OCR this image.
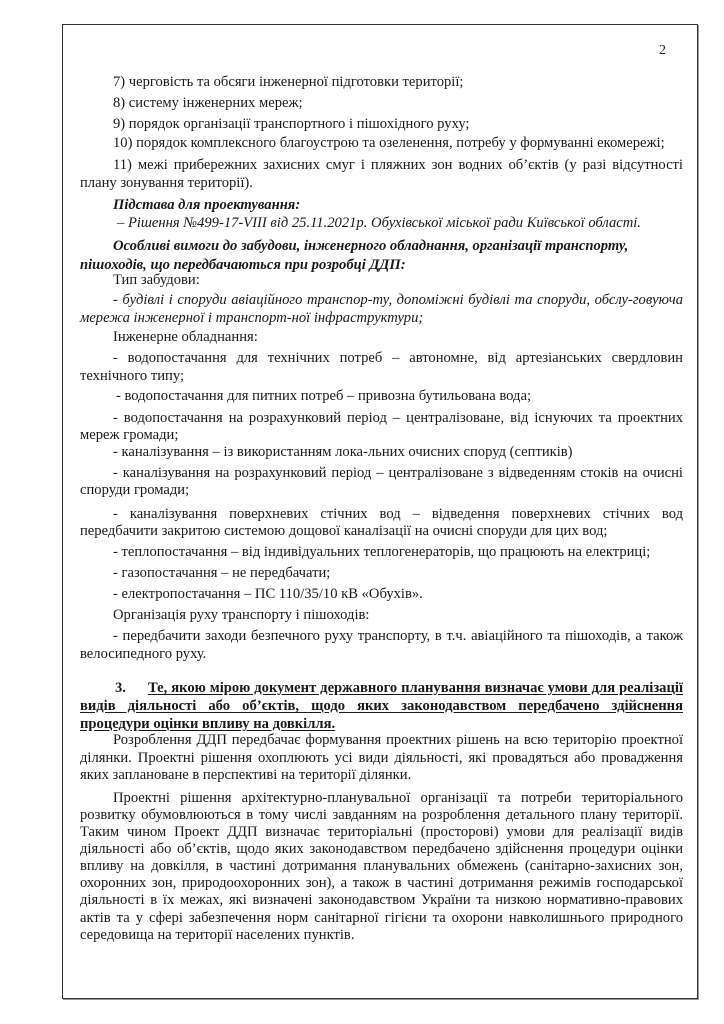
2
7) черговість та обсяги інженерної підготовки території;
8) систему інженерних мереж;
9) порядок організації транспортного і пішохідного руху;
10) порядок комплексного благоустрою та озеленення, потребу у формуванні екомережі;
11) межі прибережних захисних смуг і пляжних зон водних об’єктів (у разі відсутності
плану зонування території).
Підстава для проектування:
– Рішення №499-17-VIII від 25.11.2021р. Обухівської міської ради Київської області.
Особливі вимоги до забудови, інженерного обладнання, організації транспорту,
пішоходів, що передбачаються при розробці ДДП:
Тип забудови:
- будівлі і споруди авіаційного транспор-ту, допоміжні будівлі та споруди, обслу-говуюча
мережа інженерної і транспорт-ної інфраструктури;
Інженерне обладнання:
- водопостачання для технічних потреб – автономне, від артезіанських свердловин
технічного типу;
- водопостачання для питних потреб – привозна бутильована вода;
- водопостачання на розрахунковий період – централізоване, від існуючих та проектних
мереж громади;
- каналізування – із використанням лока-льних очисних споруд (септиків)
- каналізування на розрахунковий період – централізоване з відведенням стоків на очисні
споруди громади;
- каналізування поверхневих стічних вод – відведення поверхневих стічних вод
передбачити закритою системою дощової каналізації на очисні споруди для цих вод;
- теплопостачання – від індивідуальних теплогенераторів, що працюють на електриці;
- газопостачання – не передбачати;
- електропостачання – ПС 110/35/10 кВ «Обухів».
Організація руху транспорту і пішоходів:
- передбачити заходи безпечного руху транспорту, в т.ч. авіаційного та пішоходів, а також
велосипедного руху.
3. Те, якою мірою документ державного планування визначає умови для реалізації
видів діяльності або об’єктів, щодо яких законодавством передбачено здійснення
процедури оцінки впливу на довкілля.
Розроблення ДДП передбачає формування проектних рішень на всю територію проектної
ділянки. Проектні рішення охоплюють усі види діяльності, які провадяться або провадження
яких заплановане в перспективі на території ділянки.
Проектні рішення архітектурно-планувальної організації та потреби територіального
розвитку обумовлюються в тому числі завданням на розроблення детального плану території.
Таким чином Проект ДДП визначає територіальні (просторові) умови для реалізації видів
діяльності або об’єктів, щодо яких законодавством передбачено здійснення процедури оцінки
впливу на довкілля, в частині дотримання планувальних обмежень (санітарно-захисних зон,
охоронних зон, природоохоронних зон), а також в частині дотримання режимів господарської
діяльності в їх межах, які визначені законодавством України та низкою нормативно-правових
актів та у сфері забезпечення норм санітарної гігієни та охорони навколишнього природного
середовища на території населених пунктів.
